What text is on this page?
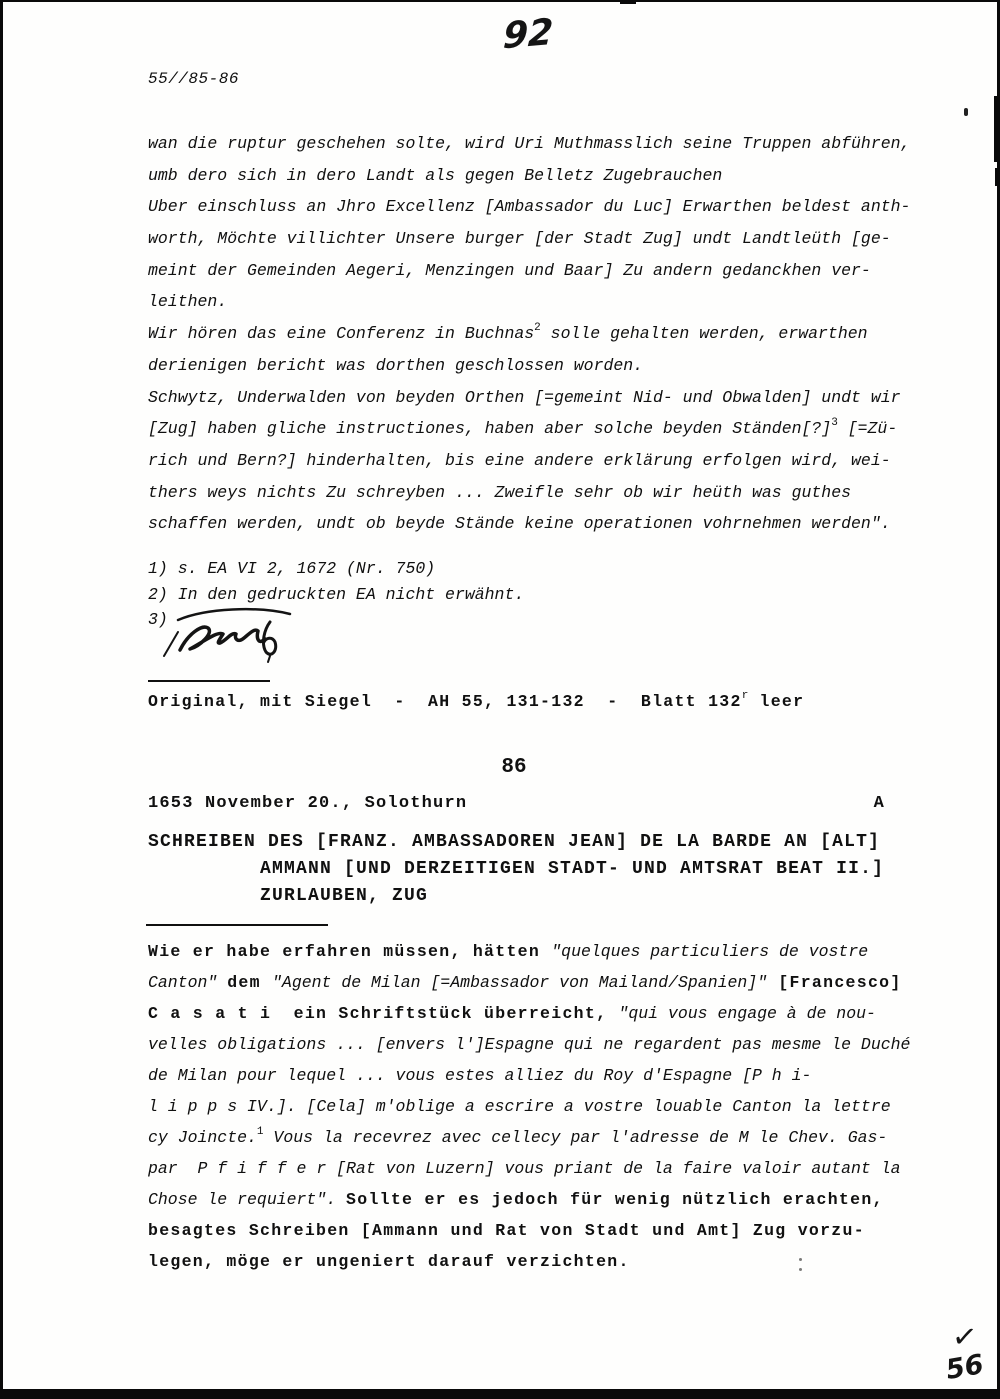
92
55//85-86
wan die ruptur geschehen solte, wird Uri Muthmasslich seine Truppen abführen,
umb dero sich in dero Landt als gegen Belletz Zugebrauchen
Uber einschluss an Jhro Excellenz [Ambassador du Luc] Erwarthen beldest anth-
worth, Möchte villichter Unsere burger [der Stadt Zug] undt Landtleüth [ge-
meint der Gemeinden Aegeri, Menzingen und Baar] Zu andern gedanckhen ver-
leithen.
Wir hören das eine Conferenz in Buchnas$^2$ solle gehalten werden, erwarthen
derienigen bericht was dorthen geschlossen worden.
Schwytz, Underwalden von beyden Orthen [=gemeint Nid- und Obwalden] undt wir
[Zug] haben gliche instructiones, haben aber solche beyden Ständen[?]$^3$ [=Zü-
rich und Bern?] hinderhalten, bis eine andere erklärung erfolgen wird, wei-
thers weys nichts Zu schreyben ... Zweifle sehr ob wir heüth was guthes
schaffen werden, undt ob beyde Stände keine operationen vohrnehmen werden".
1) s. EA VI 2, 1672 (Nr. 750)
2) In den gedruckten EA nicht erwähnt.
3)
Original, mit Siegel  -  AH 55, 131-132  -  Blatt 132$^r$ leer
86
1653 November 20., Solothurn	A
SCHREIBEN DES [FRANZ. AMBASSADOREN JEAN] DE LA BARDE AN [ALT]
AMMANN [UND DERZEITIGEN STADT- UND AMTSRAT BEAT II.]
ZURLAUBEN, ZUG
Wie er habe erfahren müssen, hätten "quelques particuliers de vostre
Canton" dem "Agent de Milan [=Ambassador von Mailand/Spanien]" [Francesco]
C a s a t i  ein Schriftstück überreicht, "qui vous engage à de nou-
velles obligations ... [envers l']Espagne qui ne regardent pas mesme le Duché
de Milan pour lequel ... vous estes alliez du Roy d'Espagne [P h i-
l i p p s IV.]. [Cela] m'oblige a escrire a vostre louable Canton la lettre
cy Joincte.$^1$ Vous la recevrez avec cellecy par l'adresse de M le Chev. Gas-
par  P f i f f e r [Rat von Luzern] vous priant de la faire valoir autant la
Chose le requiert". Sollte er es jedoch für wenig nützlich erachten,
besagtes Schreiben [Ammann und Rat von Stadt und Amt] Zug vorzu-
legen, möge er ungeniert darauf verzichten.
✓
56
